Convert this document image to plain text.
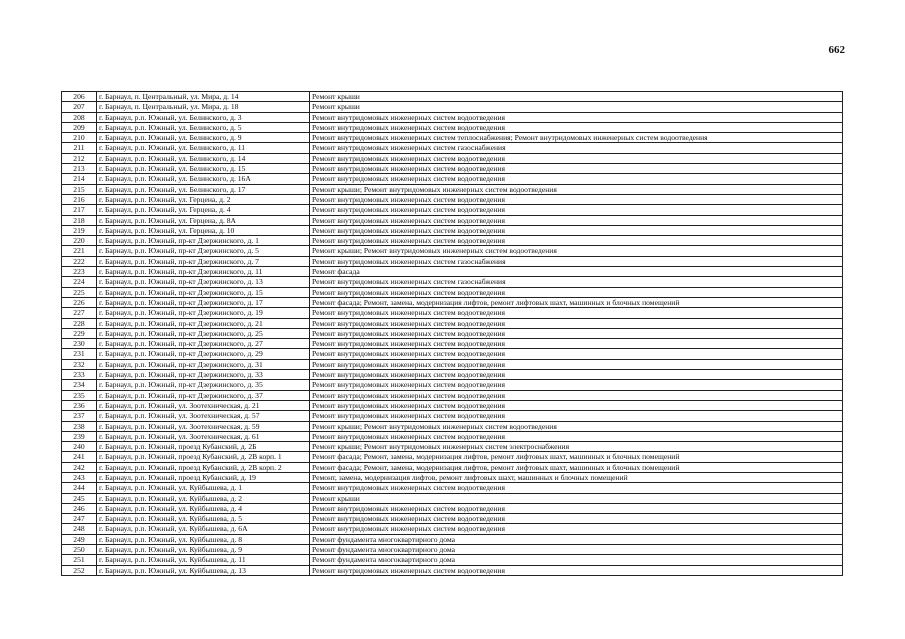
662
206	г. Барнаул, п. Центральный, ул. Мира, д. 14	Ремонт крыши
207	г. Барнаул, п. Центральный, ул. Мира, д. 18	Ремонт крыши
208	г. Барнаул, р.п. Южный, ул. Белинского, д. 3	Ремонт внутридомовых инженерных систем водоотведения
209	г. Барнаул, р.п. Южный, ул. Белинского, д. 5	Ремонт внутридомовых инженерных систем водоотведения
210	г. Барнаул, р.п. Южный, ул. Белинского, д. 9	Ремонт внутридомовых инженерных систем теплоснабжения; Ремонт внутридомовых инженерных систем водоотведения
211	г. Барнаул, р.п. Южный, ул. Белинского, д. 11	Ремонт внутридомовых инженерных систем газоснабжения
212	г. Барнаул, р.п. Южный, ул. Белинского, д. 14	Ремонт внутридомовых инженерных систем водоотведения
213	г. Барнаул, р.п. Южный, ул. Белинского, д. 15	Ремонт внутридомовых инженерных систем водоотведения
214	г. Барнаул, р.п. Южный, ул. Белинского, д. 16А	Ремонт внутридомовых инженерных систем водоотведения
215	г. Барнаул, р.п. Южный, ул. Белинского, д. 17	Ремонт крыши; Ремонт внутридомовых инженерных систем водоотведения
216	г. Барнаул, р.п. Южный, ул. Герцена, д. 2	Ремонт внутридомовых инженерных систем водоотведения
217	г. Барнаул, р.п. Южный, ул. Герцена, д. 4	Ремонт внутридомовых инженерных систем водоотведения
218	г. Барнаул, р.п. Южный, ул. Герцена, д. 8А	Ремонт внутридомовых инженерных систем водоотведения
219	г. Барнаул, р.п. Южный, ул. Герцена, д. 10	Ремонт внутридомовых инженерных систем водоотведения
220	г. Барнаул, р.п. Южный, пр-кт Дзержинского, д. 1	Ремонт внутридомовых инженерных систем водоотведения
221	г. Барнаул, р.п. Южный, пр-кт Дзержинского, д. 5	Ремонт крыши; Ремонт внутридомовых инженерных систем водоотведения
222	г. Барнаул, р.п. Южный, пр-кт Дзержинского, д. 7	Ремонт внутридомовых инженерных систем газоснабжения
223	г. Барнаул, р.п. Южный, пр-кт Дзержинского, д. 11	Ремонт фасада
224	г. Барнаул, р.п. Южный, пр-кт Дзержинского, д. 13	Ремонт внутридомовых инженерных систем газоснабжения
225	г. Барнаул, р.п. Южный, пр-кт Дзержинского, д. 15	Ремонт внутридомовых инженерных систем водоотведения
226	г. Барнаул, р.п. Южный, пр-кт Дзержинского, д. 17	Ремонт фасада; Ремонт, замена, модернизация лифтов, ремонт лифтовых шахт, машинных и блочных помещений
227	г. Барнаул, р.п. Южный, пр-кт Дзержинского, д. 19	Ремонт внутридомовых инженерных систем водоотведения
228	г. Барнаул, р.п. Южный, пр-кт Дзержинского, д. 21	Ремонт внутридомовых инженерных систем водоотведения
229	г. Барнаул, р.п. Южный, пр-кт Дзержинского, д. 25	Ремонт внутридомовых инженерных систем водоотведения
230	г. Барнаул, р.п. Южный, пр-кт Дзержинского, д. 27	Ремонт внутридомовых инженерных систем водоотведения
231	г. Барнаул, р.п. Южный, пр-кт Дзержинского, д. 29	Ремонт внутридомовых инженерных систем водоотведения
232	г. Барнаул, р.п. Южный, пр-кт Дзержинского, д. 31	Ремонт внутридомовых инженерных систем водоотведения
233	г. Барнаул, р.п. Южный, пр-кт Дзержинского, д. 33	Ремонт внутридомовых инженерных систем водоотведения
234	г. Барнаул, р.п. Южный, пр-кт Дзержинского, д. 35	Ремонт внутридомовых инженерных систем водоотведения
235	г. Барнаул, р.п. Южный, пр-кт Дзержинского, д. 37	Ремонт внутридомовых инженерных систем водоотведения
236	г. Барнаул, р.п. Южный, ул. Зоотехническая, д. 21	Ремонт внутридомовых инженерных систем водоотведения
237	г. Барнаул, р.п. Южный, ул. Зоотехническая, д. 57	Ремонт внутридомовых инженерных систем водоотведения
238	г. Барнаул, р.п. Южный, ул. Зоотехническая, д. 59	Ремонт крыши; Ремонт внутридомовых инженерных систем водоотведения
239	г. Барнаул, р.п. Южный, ул. Зоотехническая, д. 61	Ремонт внутридомовых инженерных систем водоотведения
240	г. Барнаул, р.п. Южный, проезд Кубанский, д. 2Б	Ремонт крыши; Ремонт внутридомовых инженерных систем электроснабжения
241	г. Барнаул, р.п. Южный, проезд Кубанский, д. 2В корп. 1	Ремонт фасада; Ремонт, замена, модернизация лифтов, ремонт лифтовых шахт, машинных и блочных помещений
242	г. Барнаул, р.п. Южный, проезд Кубанский, д. 2В корп. 2	Ремонт фасада; Ремонт, замена, модернизация лифтов, ремонт лифтовых шахт, машинных и блочных помещений
243	г. Барнаул, р.п. Южный, проезд Кубанский, д. 19	Ремонт, замена, модернизация лифтов, ремонт лифтовых шахт, машинных и блочных помещений
244	г. Барнаул, р.п. Южный, ул. Куйбышева, д. 1	Ремонт внутридомовых инженерных систем водоотведения
245	г. Барнаул, р.п. Южный, ул. Куйбышева, д. 2	Ремонт крыши
246	г. Барнаул, р.п. Южный, ул. Куйбышева, д. 4	Ремонт внутридомовых инженерных систем водоотведения
247	г. Барнаул, р.п. Южный, ул. Куйбышева, д. 5	Ремонт внутридомовых инженерных систем водоотведения
248	г. Барнаул, р.п. Южный, ул. Куйбышева, д. 6А	Ремонт внутридомовых инженерных систем водоотведения
249	г. Барнаул, р.п. Южный, ул. Куйбышева, д. 8	Ремонт фундамента многоквартирного дома
250	г. Барнаул, р.п. Южный, ул. Куйбышева, д. 9	Ремонт фундамента многоквартирного дома
251	г. Барнаул, р.п. Южный, ул. Куйбышева, д. 11	Ремонт фундамента многоквартирного дома
252	г. Барнаул, р.п. Южный, ул. Куйбышева, д. 13	Ремонт внутридомовых инженерных систем водоотведения
